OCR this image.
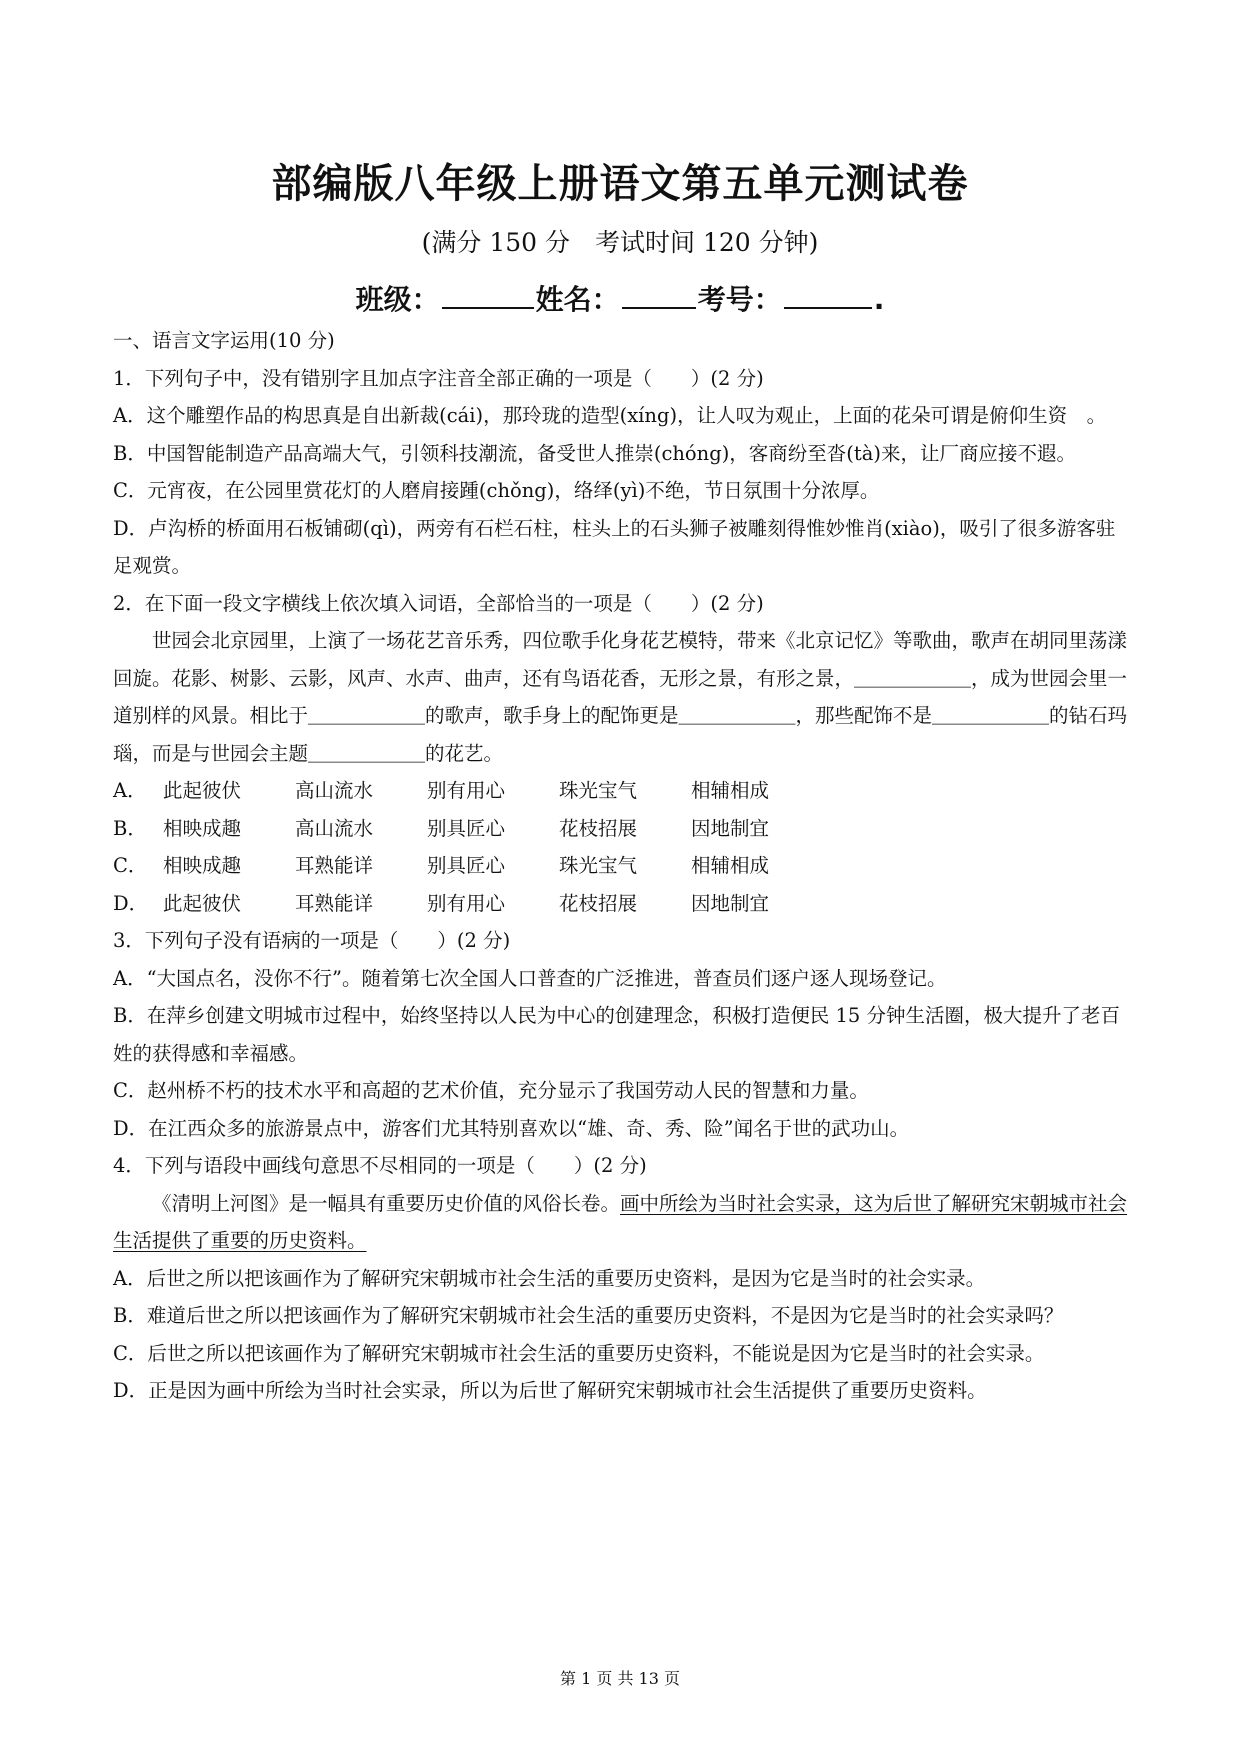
部编版八年级上册语文第五单元测试卷
(满分 150 分　考试时间 120 分钟)
班级：	姓名：	考号：	.

一、语言文字运用(10 分)

1．下列句子中，没有错别字且加点字注音全部正确的一项是（　　）(2 分)

A．这个雕塑作品的构思真是自出新裁(cái)，那玲珑的造型(xíng)，让人叹为观止，上面的花朵可谓是俯仰生资　。

B．中国智能制造产品高端大气，引领科技潮流，备受世人推崇(chóng)，客商纷至沓(tà)来，让厂商应接不遐。

C．元宵夜，在公园里赏花灯的人磨肩接踵(chǒng)，络绎(yì)不绝，节日氛围十分浓厚。

D．卢沟桥的桥面用石板铺砌(qì)，两旁有石栏石柱，柱头上的石头狮子被雕刻得惟妙惟肖(xiào)，吸引了很多游客驻足观赏。

2．在下面一段文字横线上依次填入词语，全部恰当的一项是（　　）(2 分)

世园会北京园里，上演了一场花艺音乐秀，四位歌手化身花艺模特，带来《北京记忆》等歌曲，歌声在胡同里荡漾回旋。花影、树影、云影，风声、水声、曲声，还有鸟语花香，无形之景，有形之景，＿＿＿＿＿＿，成为世园会里一道别样的风景。相比于＿＿＿＿＿＿的歌声，歌手身上的配饰更是＿＿＿＿＿＿，那些配饰不是＿＿＿＿＿＿的钻石玛瑙，而是与世园会主题＿＿＿＿＿＿的花艺。

A． 此起彼伏	高山流水	别有用心	珠光宝气	相辅相成
B． 相映成趣	高山流水	别具匠心	花枝招展	因地制宜
C． 相映成趣	耳熟能详	别具匠心	珠光宝气	相辅相成
D． 此起彼伏	耳熟能详	别有用心	花枝招展	因地制宜

3．下列句子没有语病的一项是（　　）(2 分)

A．“大国点名，没你不行”。随着第七次全国人口普查的广泛推进，普查员们逐户逐人现场登记。

B．在萍乡创建文明城市过程中，始终坚持以人民为中心的创建理念，积极打造便民 15 分钟生活圈，极大提升了老百姓的获得感和幸福感。

C．赵州桥不朽的技术水平和高超的艺术价值，充分显示了我国劳动人民的智慧和力量。

D．在江西众多的旅游景点中，游客们尤其特别喜欢以“雄、奇、秀、险”闻名于世的武功山。

4．下列与语段中画线句意思不尽相同的一项是（　　）(2 分)

《清明上河图》是一幅具有重要历史价值的风俗长卷。画中所绘为当时社会实录，这为后世了解研究宋朝城市社会生活提供了重要的历史资料。

A．后世之所以把该画作为了解研究宋朝城市社会生活的重要历史资料，是因为它是当时的社会实录。

B．难道后世之所以把该画作为了解研究宋朝城市社会生活的重要历史资料，不是因为它是当时的社会实录吗？

C．后世之所以把该画作为了解研究宋朝城市社会生活的重要历史资料，不能说是因为它是当时的社会实录。

D．正是因为画中所绘为当时社会实录，所以为后世了解研究宋朝城市社会生活提供了重要历史资料。

第 1 页 共 13 页
